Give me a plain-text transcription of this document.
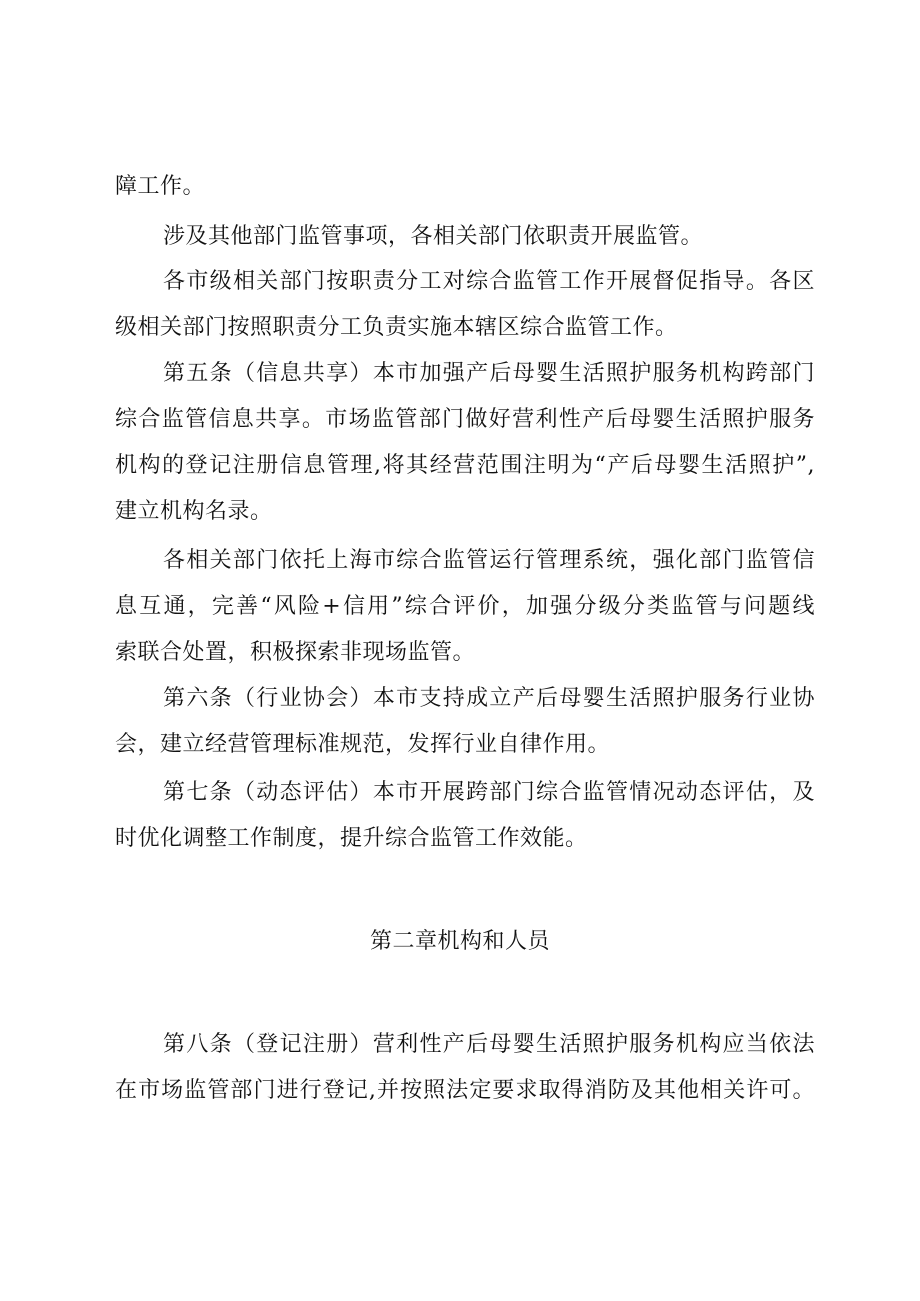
障工作。
涉及其他部门监管事项，各相关部门依职责开展监管。
各市级相关部门按职责分工对综合监管工作开展督促指导。各区
级相关部门按照职责分工负责实施本辖区综合监管工作。
第五条（信息共享）本市加强产后母婴生活照护服务机构跨部门
综合监管信息共享。市场监管部门做好营利性产后母婴生活照护服务
机构的登记注册信息管理,将其经营范围注明为“产后母婴生活照护”,
建立机构名录。
各相关部门依托上海市综合监管运行管理系统，强化部门监管信
息互通，完善“风险+信用”综合评价，加强分级分类监管与问题线
索联合处置，积极探索非现场监管。
第六条（行业协会）本市支持成立产后母婴生活照护服务行业协
会，建立经营管理标准规范，发挥行业自律作用。
第七条（动态评估）本市开展跨部门综合监管情况动态评估，及
时优化调整工作制度，提升综合监管工作效能。
第二章机构和人员
第八条（登记注册）营利性产后母婴生活照护服务机构应当依法
在市场监管部门进行登记,并按照法定要求取得消防及其他相关许可。
